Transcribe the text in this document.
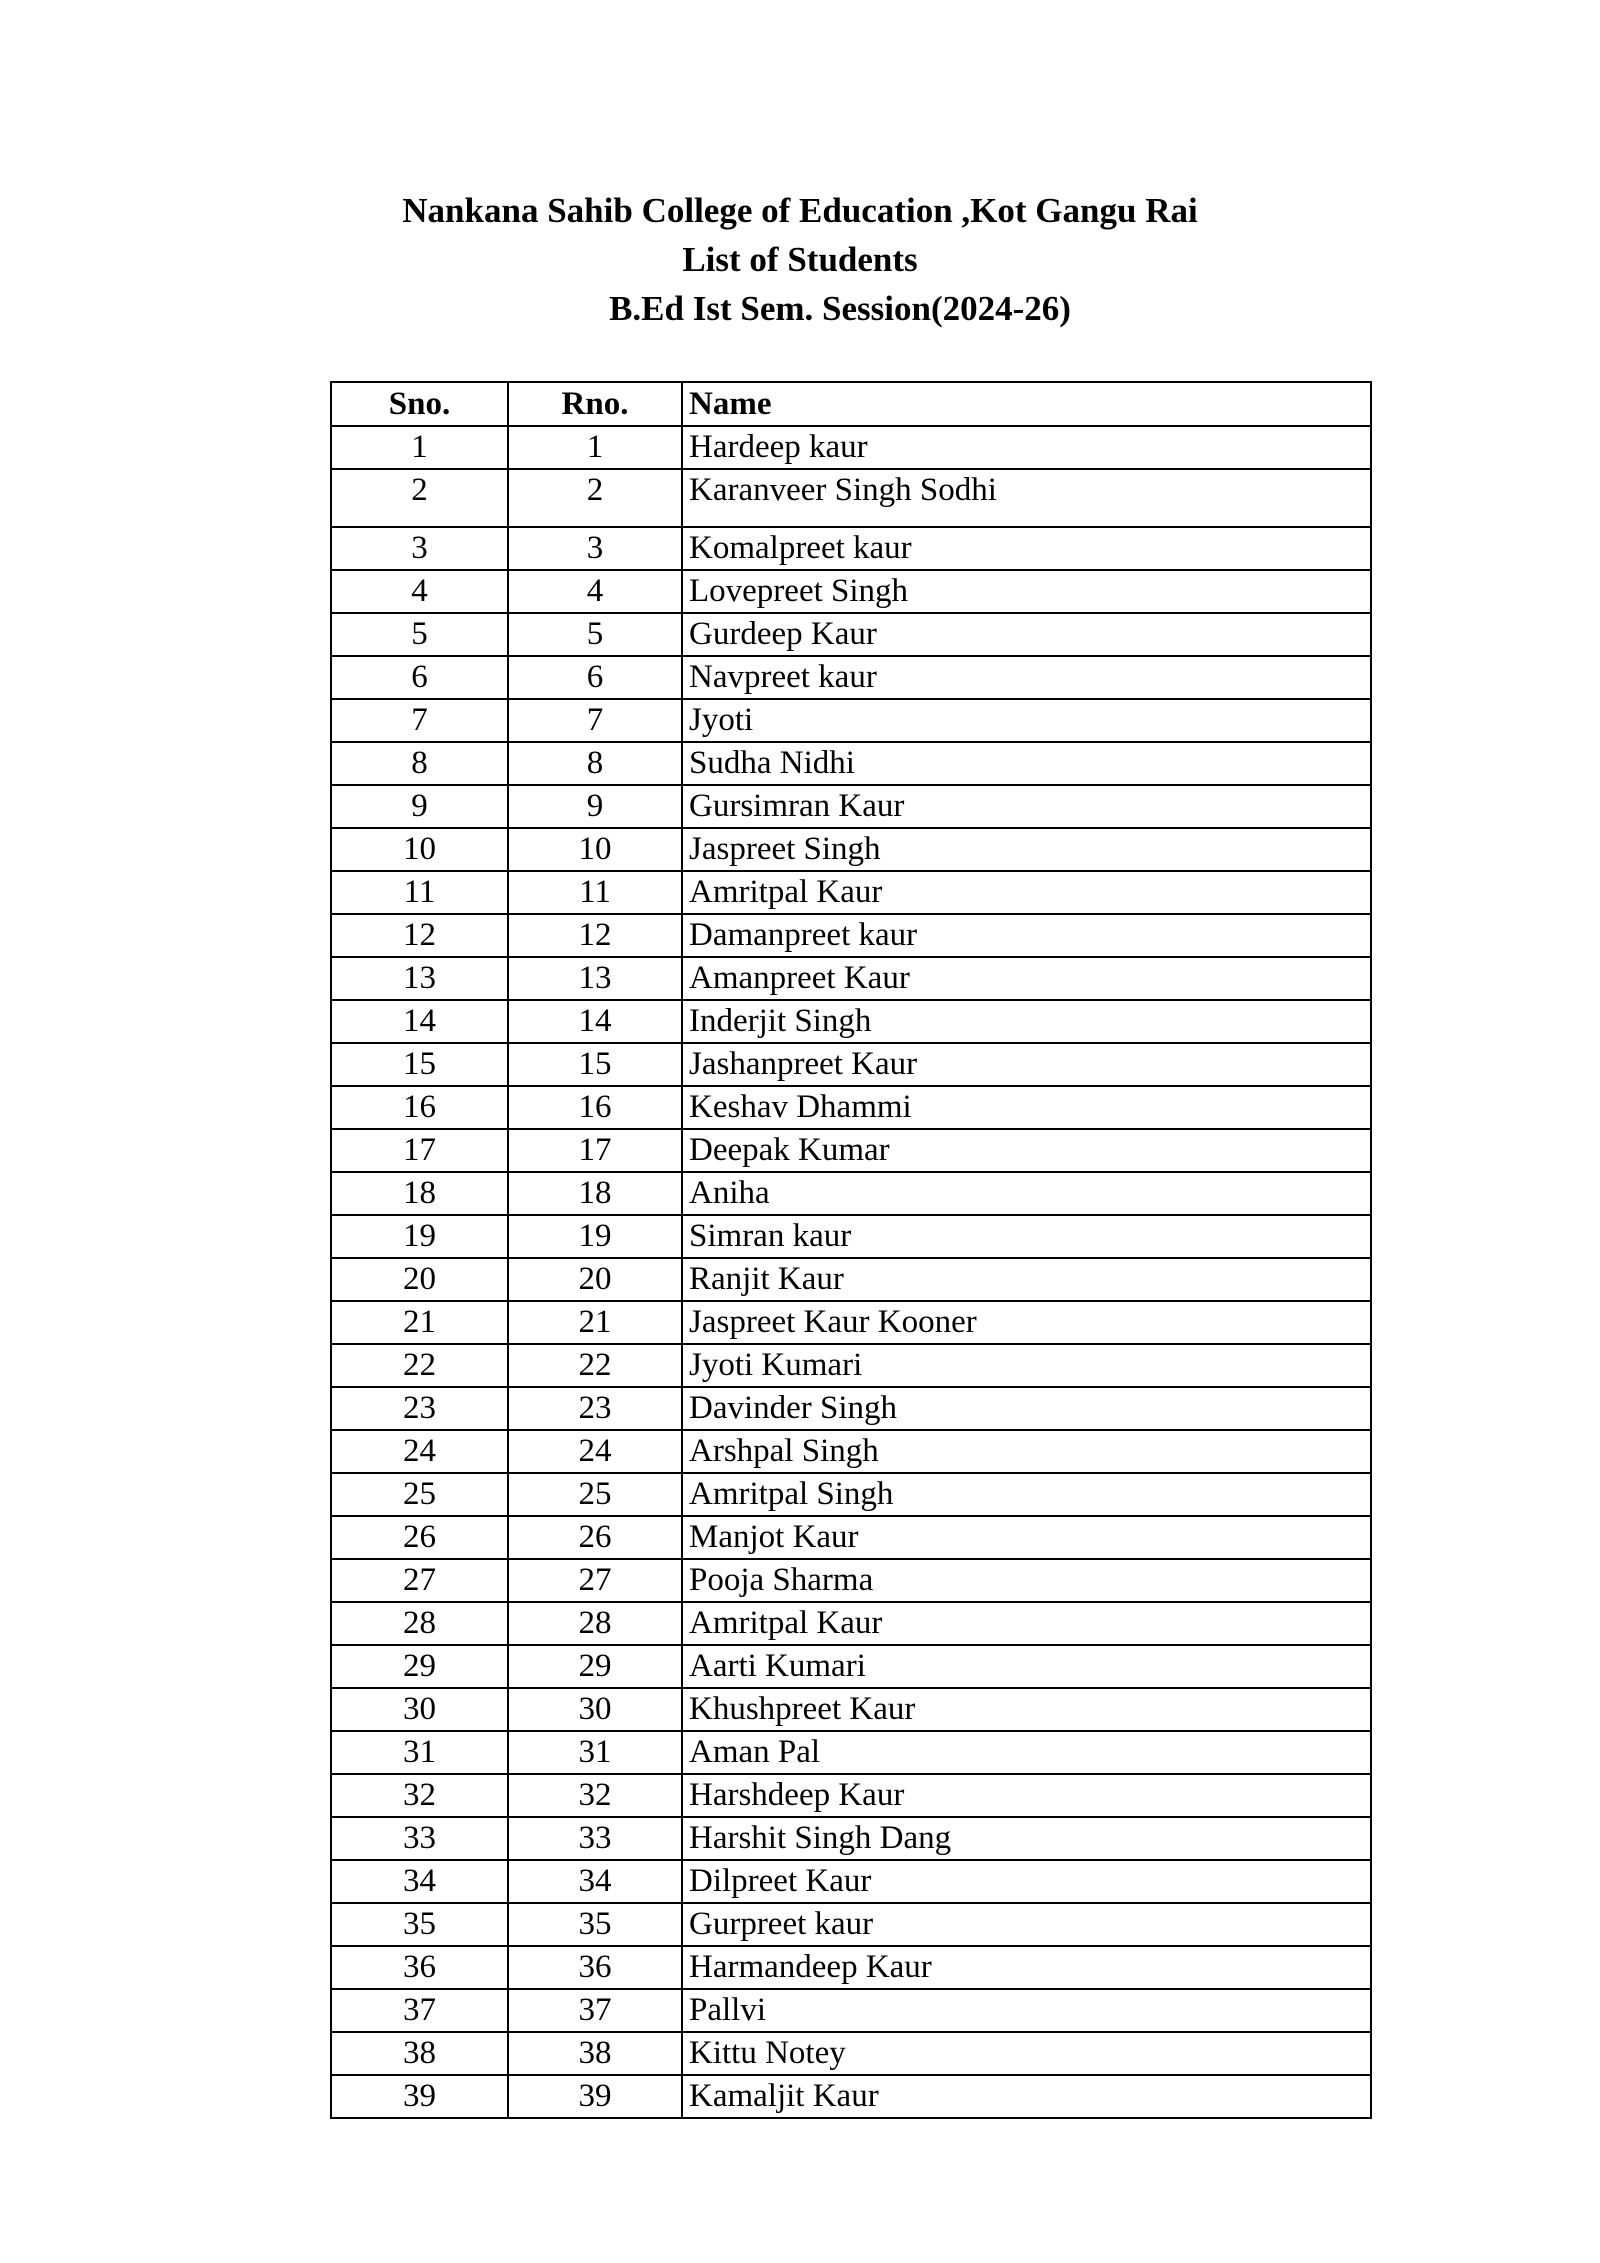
Nankana Sahib College of Education ,Kot Gangu Rai
List of Students
B.Ed Ist Sem. Session(2024-26)
Sno.	Rno.	Name
1	1	Hardeep kaur
2	2	Karanveer Singh Sodhi
3	3	Komalpreet kaur
4	4	Lovepreet Singh
5	5	Gurdeep Kaur
6	6	Navpreet kaur
7	7	Jyoti
8	8	Sudha Nidhi
9	9	Gursimran Kaur
10	10	Jaspreet Singh
11	11	Amritpal Kaur
12	12	Damanpreet kaur
13	13	Amanpreet Kaur
14	14	Inderjit Singh
15	15	Jashanpreet Kaur
16	16	Keshav Dhammi
17	17	Deepak Kumar
18	18	Aniha
19	19	Simran kaur
20	20	Ranjit Kaur
21	21	Jaspreet Kaur Kooner
22	22	Jyoti Kumari
23	23	Davinder Singh
24	24	Arshpal Singh
25	25	Amritpal Singh
26	26	Manjot Kaur
27	27	Pooja Sharma
28	28	Amritpal Kaur
29	29	Aarti Kumari
30	30	Khushpreet Kaur
31	31	Aman Pal
32	32	Harshdeep Kaur
33	33	Harshit Singh Dang
34	34	Dilpreet Kaur
35	35	Gurpreet kaur
36	36	Harmandeep Kaur
37	37	Pallvi
38	38	Kittu Notey
39	39	Kamaljit Kaur
